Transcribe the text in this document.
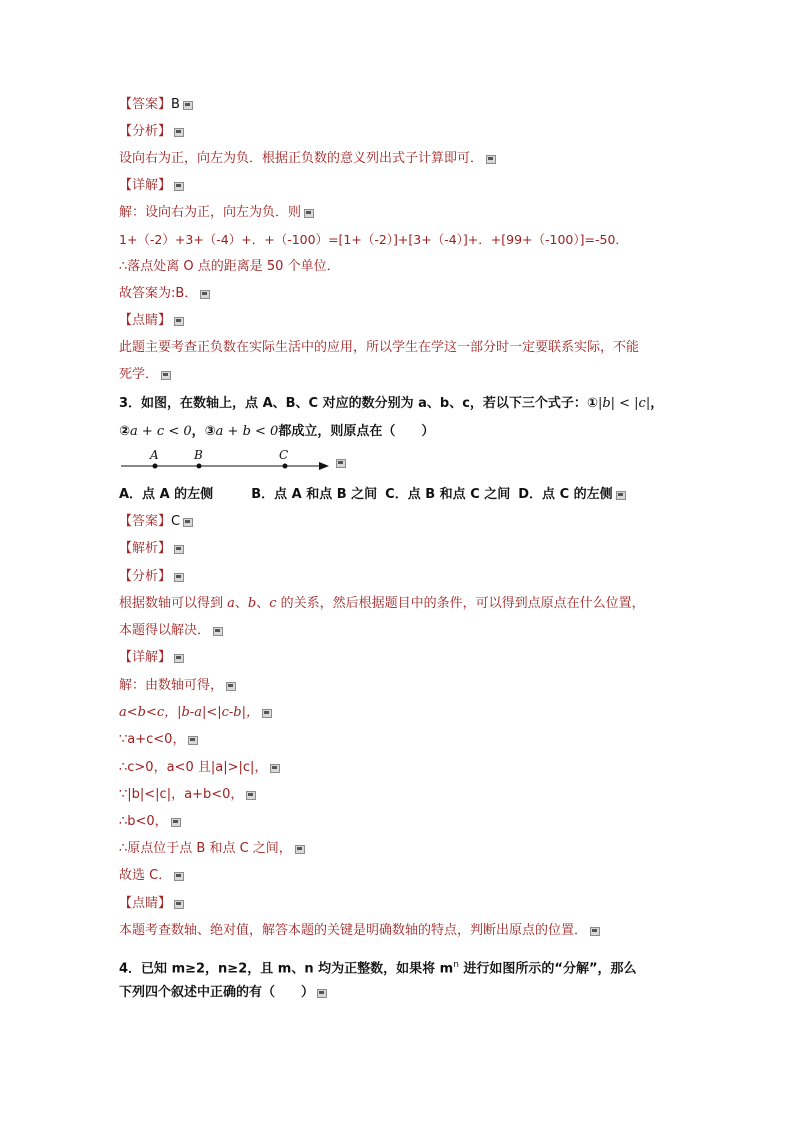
【答案】B
【分析】
设向右为正，向左为负．根据正负数的意义列出式子计算即可．
【详解】
解：设向右为正，向左为负．则
1+（-2）+3+（-4）+．+（-100）=[1+（-2）]+[3+（-4）]+．+[99+（-100）]=-50．
∴落点处离 O 点的距离是 50 个单位．
故答案为:B．
【点睛】
此题主要考查正负数在实际生活中的应用，所以学生在学这一部分时一定要联系实际，不能
死学．
3．如图，在数轴上，点 A、B、C 对应的数分别为 a、b、c，若以下三个式子：①|b| < |c|，
②a + c < 0，③a + b < 0都成立，则原点在（　　）
A	B	C
A．点 A 的左侧	B．点 A 和点 B 之间 C．点 B 和点 C 之间 D．点 C 的左侧
【答案】C
【解析】
【分析】
根据数轴可以得到 a、b、c 的关系，然后根据题目中的条件，可以得到点原点在什么位置，
本题得以解决．
【详解】
解：由数轴可得，
a<b<c，|b-a|<|c-b|，
∵a+c<0，
∴c>0，a<0 且|a|>|c|，
∵|b|<|c|，a+b<0，
∴b<0，
∴原点位于点 B 和点 C 之间，
故选 C．
【点睛】
本题考查数轴、绝对值，解答本题的关键是明确数轴的特点，判断出原点的位置．
4．已知 m≥2，n≥2，且 m、n 均为正整数，如果将 $m^n$ 进行如图所示的“分解”，那么
下列四个叙述中正确的有（　　）
